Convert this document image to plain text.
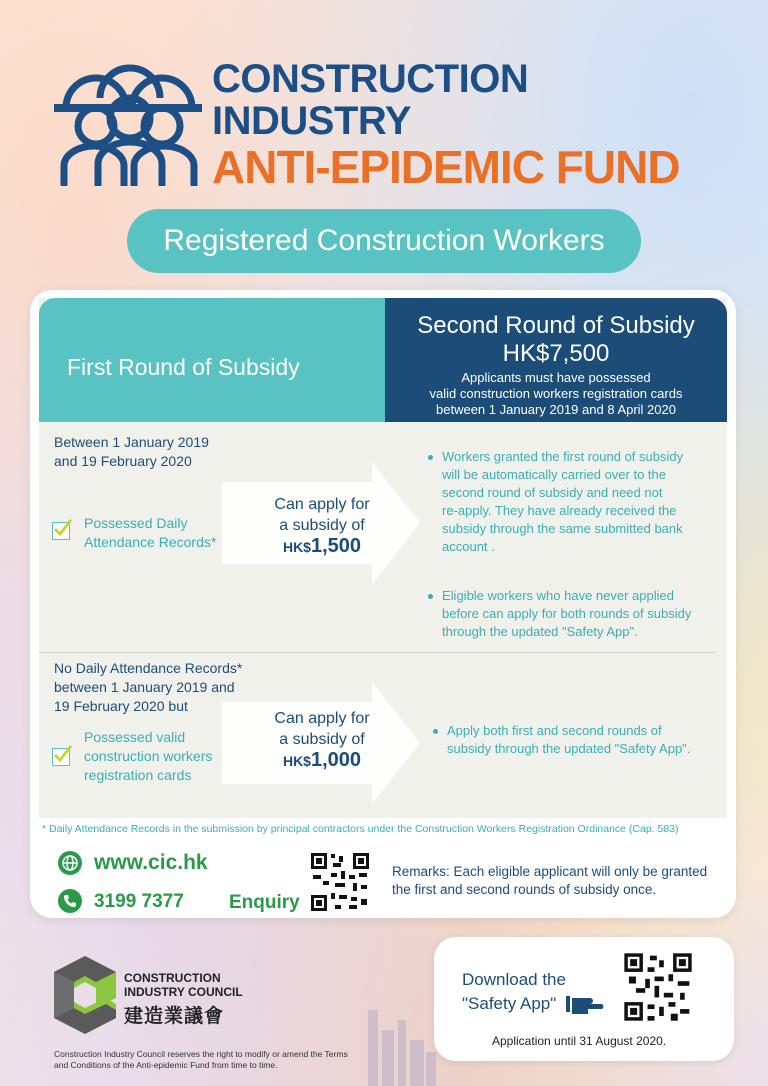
CONSTRUCTION
INDUSTRY
ANTI-EPIDEMIC FUND
Registered Construction Workers
First Round of Subsidy
Second Round of Subsidy
HK$7,500
Applicants must have possessed
valid construction workers registration cards
between 1 January 2019 and 8 April 2020
Between 1 January 2019
and 19 February 2020
Possessed Daily
Attendance Records*
Can apply for
a subsidy of
HK$1,500
Workers granted the first round of subsidy
will be automatically carried over to the
second round of subsidy and need not
re-apply. They have already received the
subsidy through the same submitted bank
account .
Eligible workers who have never applied
before can apply for both rounds of subsidy
through the updated "Safety App".
No Daily Attendance Records*
between 1 January 2019 and
19 February 2020 but
Possessed valid
construction workers
registration cards
Can apply for
a subsidy of
HK$1,000
Apply both first and second rounds of
subsidy through the updated "Safety App".
* Daily Attendance Records in the submission by principal contractors under the Construction Workers Registration Ordinance (Cap. 583)
www.cic.hk
3199 7377 Enquiry
Remarks: Each eligible applicant will only be granted the first and second rounds of subsidy once.
CONSTRUCTION
INDUSTRY COUNCIL
建造業議會
Construction Industry Council reserves the right to modify or amend the Terms and Conditions of the Anti-epidemic Fund from time to time.
Download the
"Safety App"
Application until 31 August 2020.
